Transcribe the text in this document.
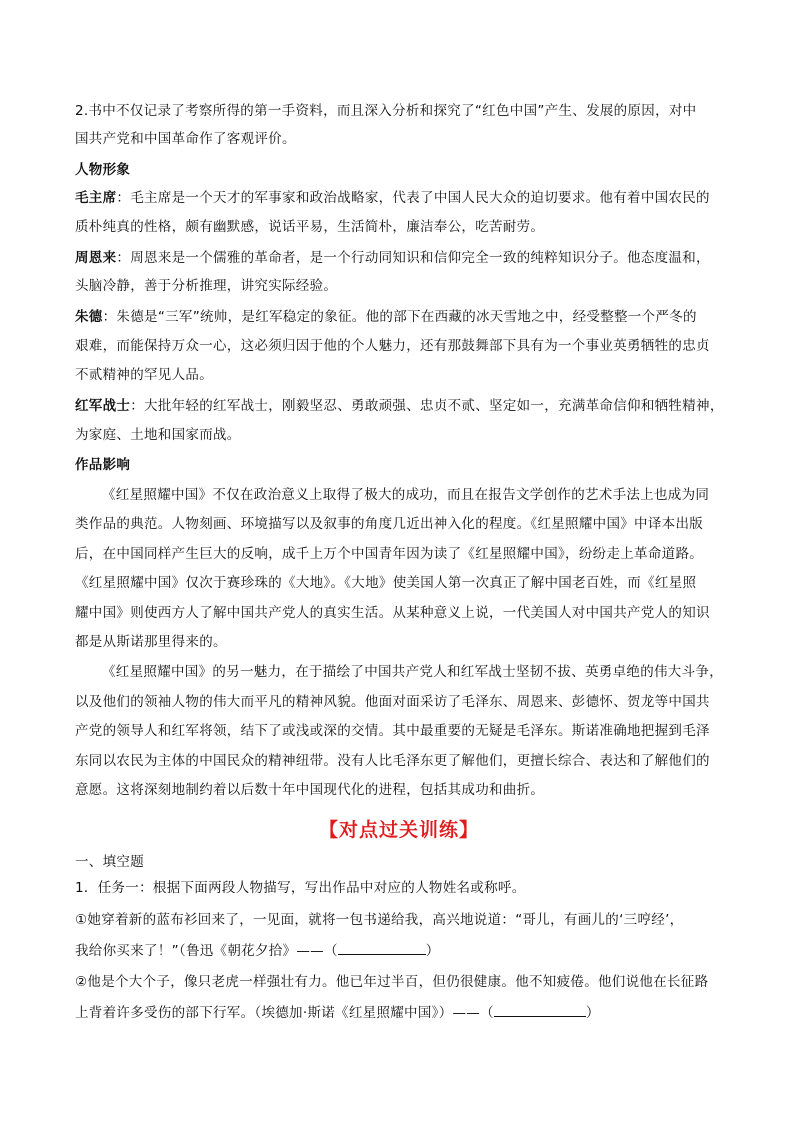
2.书中不仅记录了考察所得的第一手资料，而且深入分析和探究了“红色中国”产生、发展的原因，对中
国共产党和中国革命作了客观评价。
人物形象
毛主席：毛主席是一个天才的军事家和政治战略家，代表了中国人民大众的迫切要求。他有着中国农民的
质朴纯真的性格，颇有幽默感，说话平易，生活简朴，廉洁奉公，吃苦耐劳。
周恩来：周恩来是一个儒雅的革命者，是一个行动同知识和信仰完全一致的纯粹知识分子。他态度温和，
头脑冷静，善于分析推理，讲究实际经验。
朱德：朱德是“三军”统帅，是红军稳定的象征。他的部下在西藏的冰天雪地之中，经受整整一个严冬的
艰难，而能保持万众一心，这必须归因于他的个人魅力，还有那鼓舞部下具有为一个事业英勇牺牲的忠贞
不贰精神的罕见人品。
红军战士：大批年轻的红军战士，刚毅坚忍、勇敢顽强、忠贞不贰、坚定如一，充满革命信仰和牺牲精神，
为家庭、土地和国家而战。
作品影响
《红星照耀中国》不仅在政治意义上取得了极大的成功，而且在报告文学创作的艺术手法上也成为同
类作品的典范。人物刻画、环境描写以及叙事的角度几近出神入化的程度。《红星照耀中国》中译本出版
后，在中国同样产生巨大的反响，成千上万个中国青年因为读了《红星照耀中国》，纷纷走上革命道路。
《红星照耀中国》仅次于赛珍珠的《大地》。《大地》使美国人第一次真正了解中国老百姓，而《红星照
耀中国》则使西方人了解中国共产党人的真实生活。从某种意义上说，一代美国人对中国共产党人的知识
都是从斯诺那里得来的。
《红星照耀中国》的另一魅力，在于描绘了中国共产党人和红军战士坚韧不拔、英勇卓绝的伟大斗争，
以及他们的领袖人物的伟大而平凡的精神风貌。他面对面采访了毛泽东、周恩来、彭德怀、贺龙等中国共
产党的领导人和红军将领，结下了或浅或深的交情。其中最重要的无疑是毛泽东。斯诺准确地把握到毛泽
东同以农民为主体的中国民众的精神纽带。没有人比毛泽东更了解他们，更擅长综合、表达和了解他们的
意愿。这将深刻地制约着以后数十年中国现代化的进程，包括其成功和曲折。
【对点过关训练】
一、填空题
1．任务一：根据下面两段人物描写，写出作品中对应的人物姓名或称呼。
①她穿着新的蓝布衫回来了，一见面，就将一包书递给我，高兴地说道：“哥儿，有画儿的‘三哼经’，
我给你买来了！”（鲁迅《朝花夕拾》——（	）
②他是个大个子，像只老虎一样强壮有力。他已年过半百，但仍很健康。他不知疲倦。他们说他在长征路
上背着许多受伤的部下行军。（埃德加·斯诺《红星照耀中国》）——（	）
